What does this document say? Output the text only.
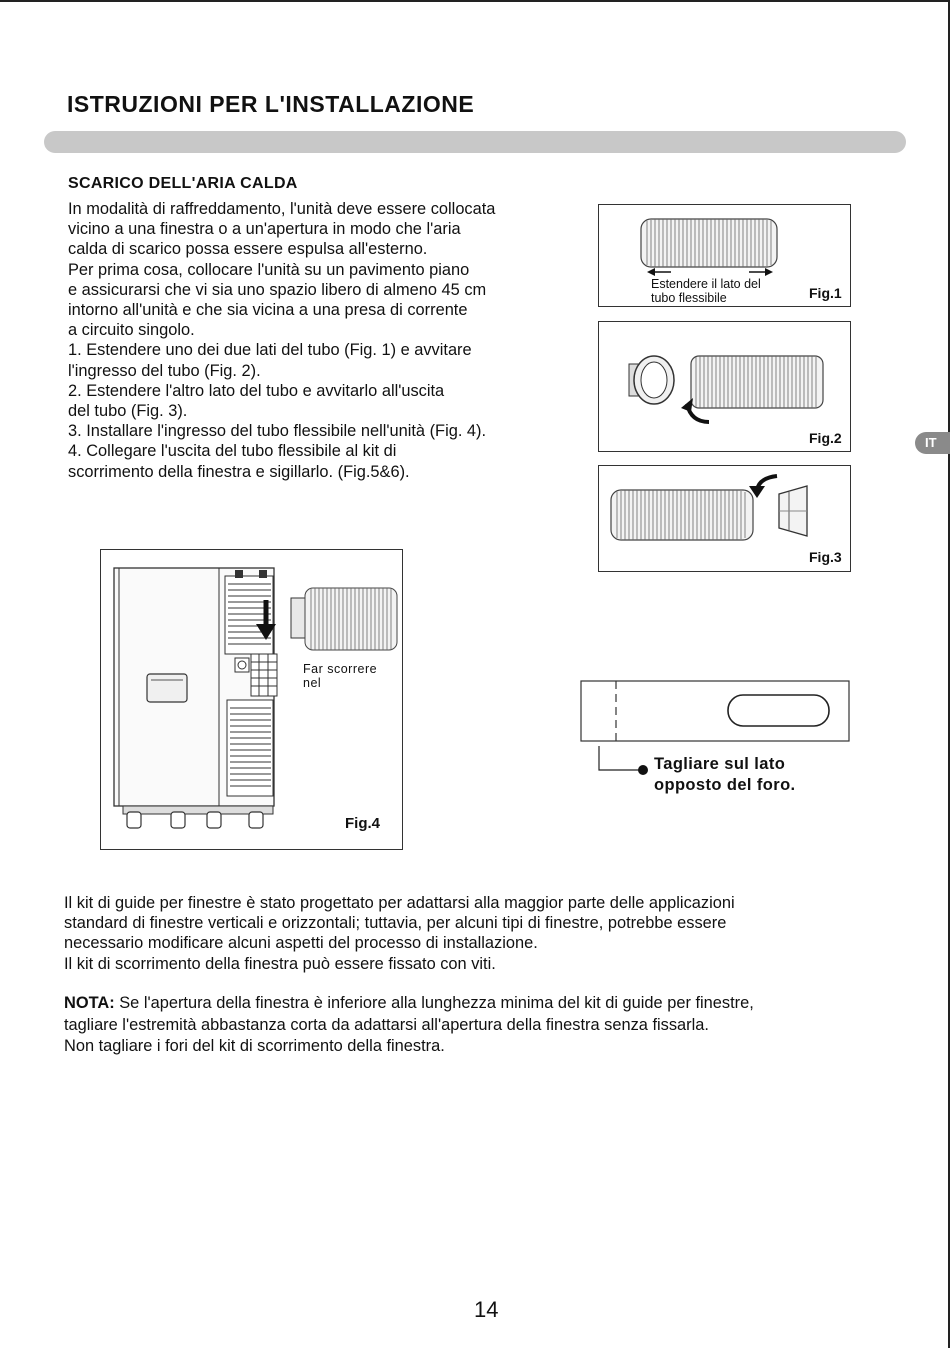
ISTRUZIONI PER L'INSTALLAZIONE
SCARICO DELL'ARIA CALDA

In modalità di raffreddamento, l'unità deve essere collocata

vicino a una finestra o a un'apertura in modo che l'aria

calda di scarico possa essere espulsa all'esterno.

Per prima cosa, collocare l'unità su un pavimento piano

e assicurarsi che vi sia uno spazio libero di almeno 45 cm

intorno all'unità e che sia vicina a una presa di corrente

a circuito singolo.

1. Estendere uno dei due lati del tubo (Fig. 1) e avvitare

l'ingresso del tubo (Fig. 2).

2. Estendere l'altro lato del tubo e avvitarlo all'uscita

del tubo (Fig. 3).

3. Installare l'ingresso del tubo flessibile nell'unità (Fig. 4).

4. Collegare l'uscita del tubo flessibile al kit di

scorrimento della finestra e sigillarlo. (Fig.5&6).

Estendere il lato del
tubo flessibile	Fig.1
Fig.2
Fig.3
IT
Far scorrere
nel
Fig.4
Tagliare sul lato
opposto del foro.

Il kit di guide per finestre è stato progettato per adattarsi alla maggior parte delle applicazioni

standard di finestre verticali e orizzontali; tuttavia, per alcuni tipi di finestre, potrebbe essere

necessario modificare alcuni aspetti del processo di installazione.

Il kit di scorrimento della finestra può essere fissato con viti.

NOTA: Se l'apertura della finestra è inferiore alla lunghezza minima del kit di guide per finestre,

tagliare l'estremità abbastanza corta da adattarsi all'apertura della finestra senza fissarla.

Non tagliare i fori del kit di scorrimento della finestra.

14
